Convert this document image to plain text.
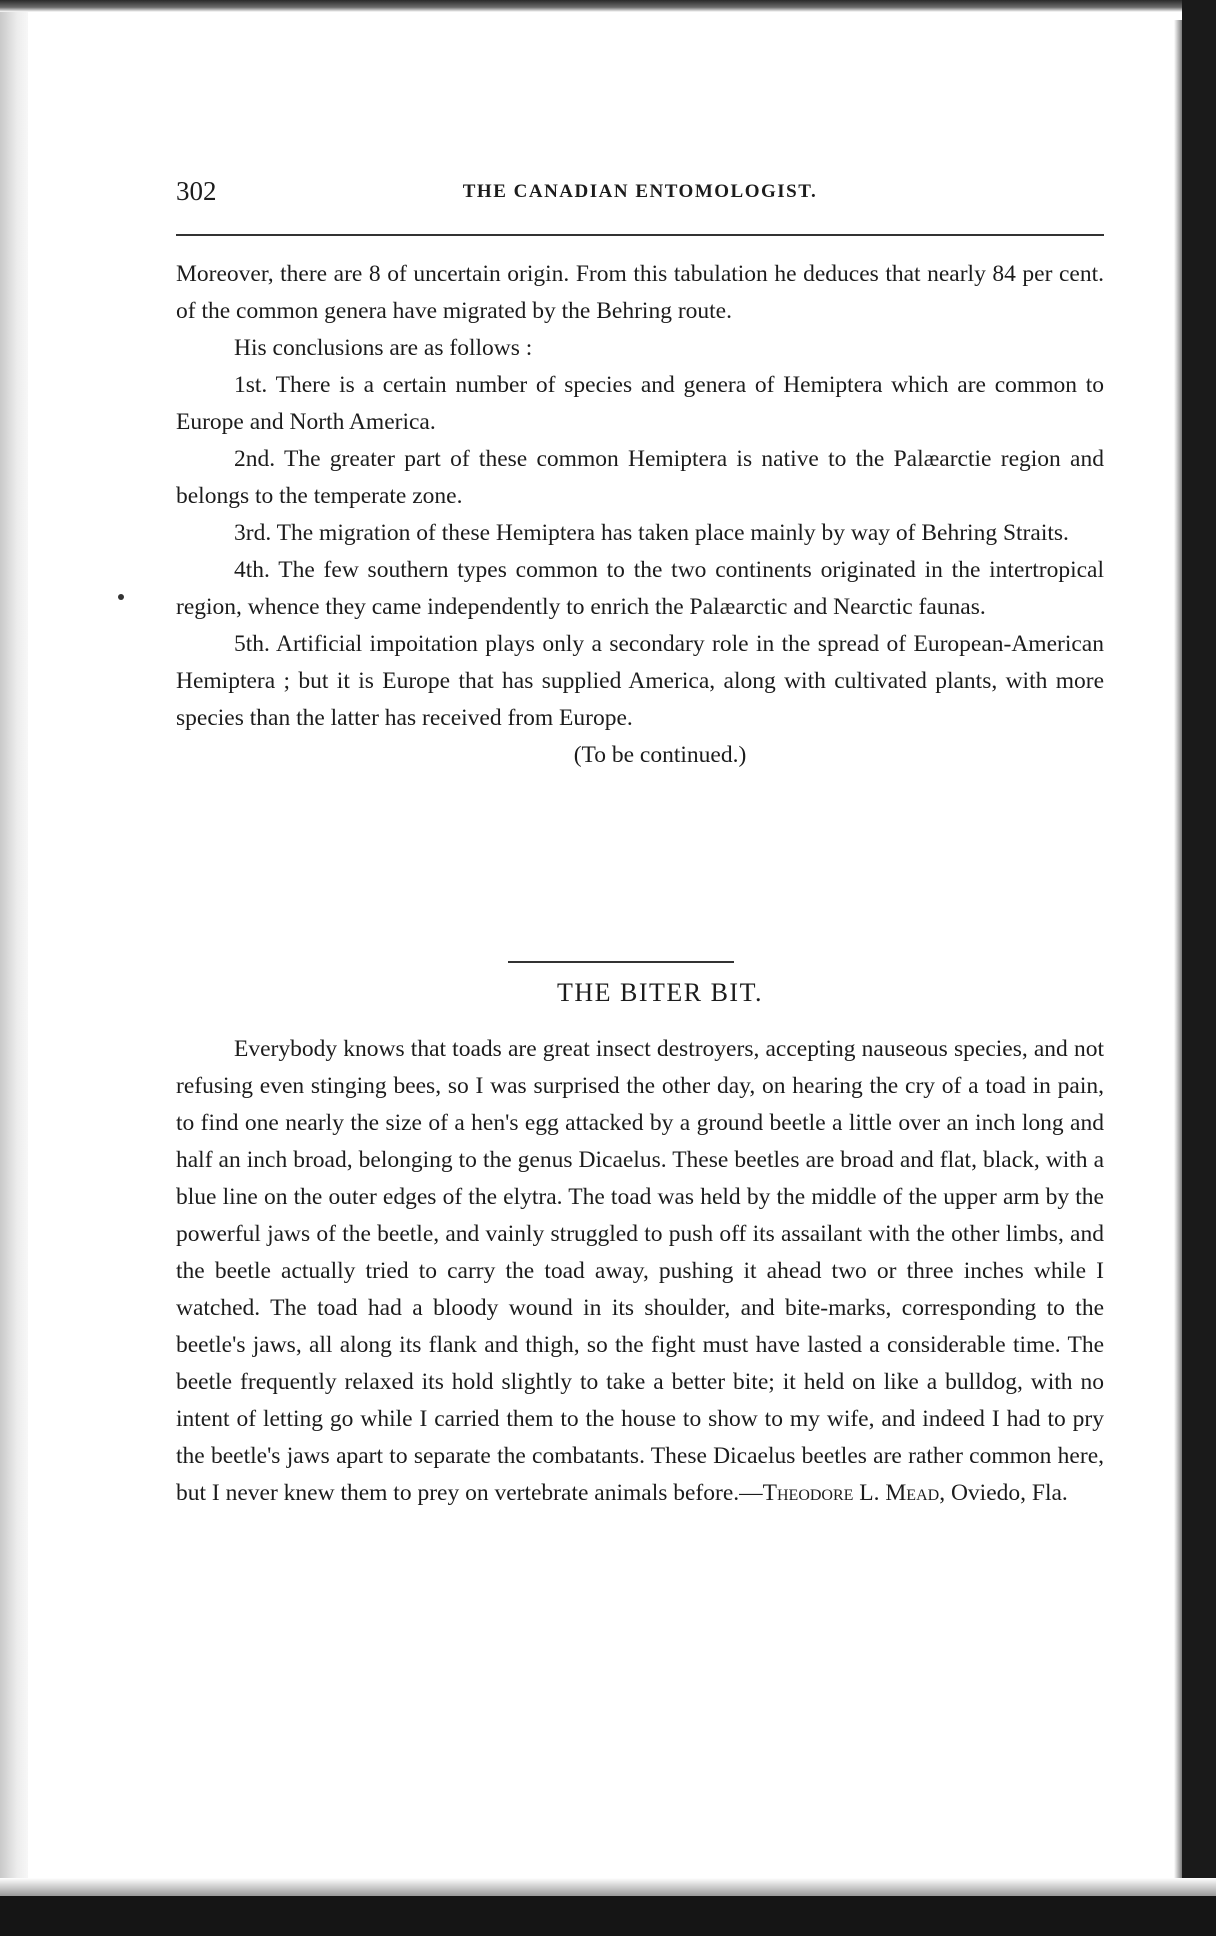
302	THE CANADIAN ENTOMOLOGIST.

Moreover, there are 8 of uncertain origin. From this tabulation he deduces that nearly 84 per cent. of the common genera have migrated by the Behring route.

His conclusions are as follows :

1st. There is a certain number of species and genera of Hemiptera which are common to Europe and North America.

2nd. The greater part of these common Hemiptera is native to the Palæarctie region and belongs to the temperate zone.

3rd. The migration of these Hemiptera has taken place mainly by way of Behring Straits.

4th. The few southern types common to the two continents originated in the intertropical region, whence they came independently to enrich the Palæarctic and Nearctic faunas.

5th. Artificial impoitation plays only a secondary role in the spread of European-American Hemiptera ; but it is Europe that has supplied America, along with cultivated plants, with more species than the latter has received from Europe.

(To be continued.)

THE BITER BIT.

Everybody knows that toads are great insect destroyers, accepting nauseous species, and not refusing even stinging bees, so I was surprised the other day, on hearing the cry of a toad in pain, to find one nearly the size of a hen's egg attacked by a ground beetle a little over an inch long and half an inch broad, belonging to the genus Dicaelus. These beetles are broad and flat, black, with a blue line on the outer edges of the elytra. The toad was held by the middle of the upper arm by the powerful jaws of the beetle, and vainly struggled to push off its assailant with the other limbs, and the beetle actually tried to carry the toad away, pushing it ahead two or three inches while I watched. The toad had a bloody wound in its shoulder, and bite-marks, corresponding to the beetle's jaws, all along its flank and thigh, so the fight must have lasted a considerable time. The beetle frequently relaxed its hold slightly to take a better bite; it held on like a bulldog, with no intent of letting go while I carried them to the house to show to my wife, and indeed I had to pry the beetle's jaws apart to separate the combatants. These Dicaelus beetles are rather common here, but I never knew them to prey on vertebrate animals before.—Theodore L. Mead, Oviedo, Fla.
